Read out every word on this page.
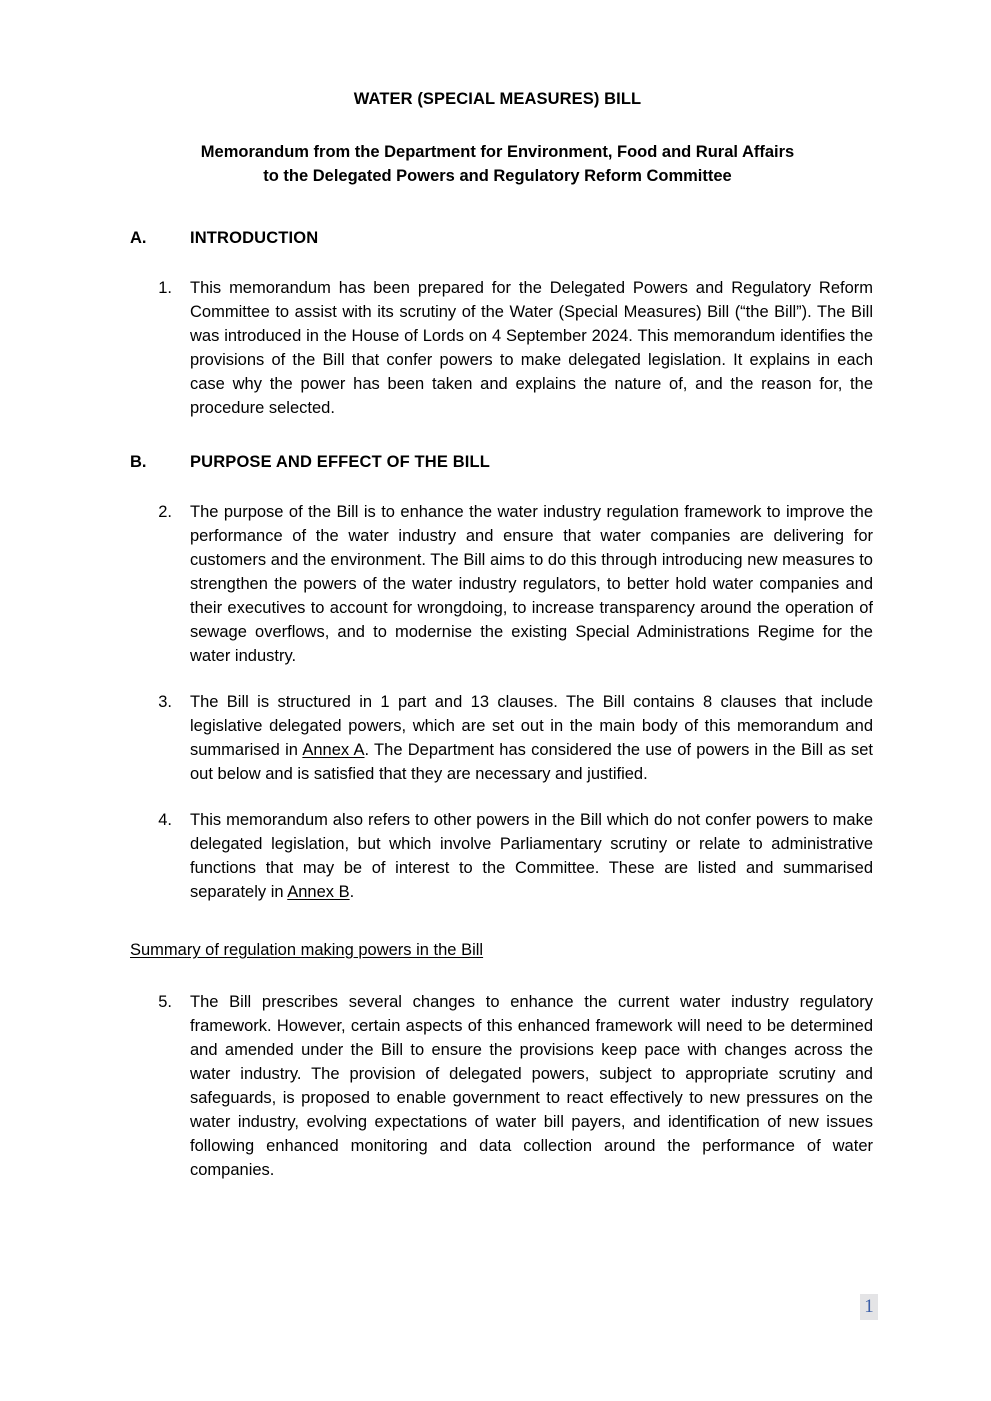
WATER (SPECIAL MEASURES) BILL
Memorandum from the Department for Environment, Food and Rural Affairs
to the Delegated Powers and Regulatory Reform Committee
A.	INTRODUCTION
1.	This memorandum has been prepared for the Delegated Powers and Regulatory Reform Committee to assist with its scrutiny of the Water (Special Measures) Bill (“the Bill”). The Bill was introduced in the House of Lords on 4 September 2024. This memorandum identifies the provisions of the Bill that confer powers to make delegated legislation. It explains in each case why the power has been taken and explains the nature of, and the reason for, the procedure selected.
B.	PURPOSE AND EFFECT OF THE BILL
2.	The purpose of the Bill is to enhance the water industry regulation framework to improve the performance of the water industry and ensure that water companies are delivering for customers and the environment. The Bill aims to do this through introducing new measures to strengthen the powers of the water industry regulators, to better hold water companies and their executives to account for wrongdoing, to increase transparency around the operation of sewage overflows, and to modernise the existing Special Administrations Regime for the water industry.
3.	The Bill is structured in 1 part and 13 clauses. The Bill contains 8 clauses that include legislative delegated powers, which are set out in the main body of this memorandum and summarised in Annex A. The Department has considered the use of powers in the Bill as set out below and is satisfied that they are necessary and justified.
4.	This memorandum also refers to other powers in the Bill which do not confer powers to make delegated legislation, but which involve Parliamentary scrutiny or relate to administrative functions that may be of interest to the Committee. These are listed and summarised separately in Annex B.
Summary of regulation making powers in the Bill
5.	The Bill prescribes several changes to enhance the current water industry regulatory framework. However, certain aspects of this enhanced framework will need to be determined and amended under the Bill to ensure the provisions keep pace with changes across the water industry. The provision of delegated powers, subject to appropriate scrutiny and safeguards, is proposed to enable government to react effectively to new pressures on the water industry, evolving expectations of water bill payers, and identification of new issues following enhanced monitoring and data collection around the performance of water companies.
1
